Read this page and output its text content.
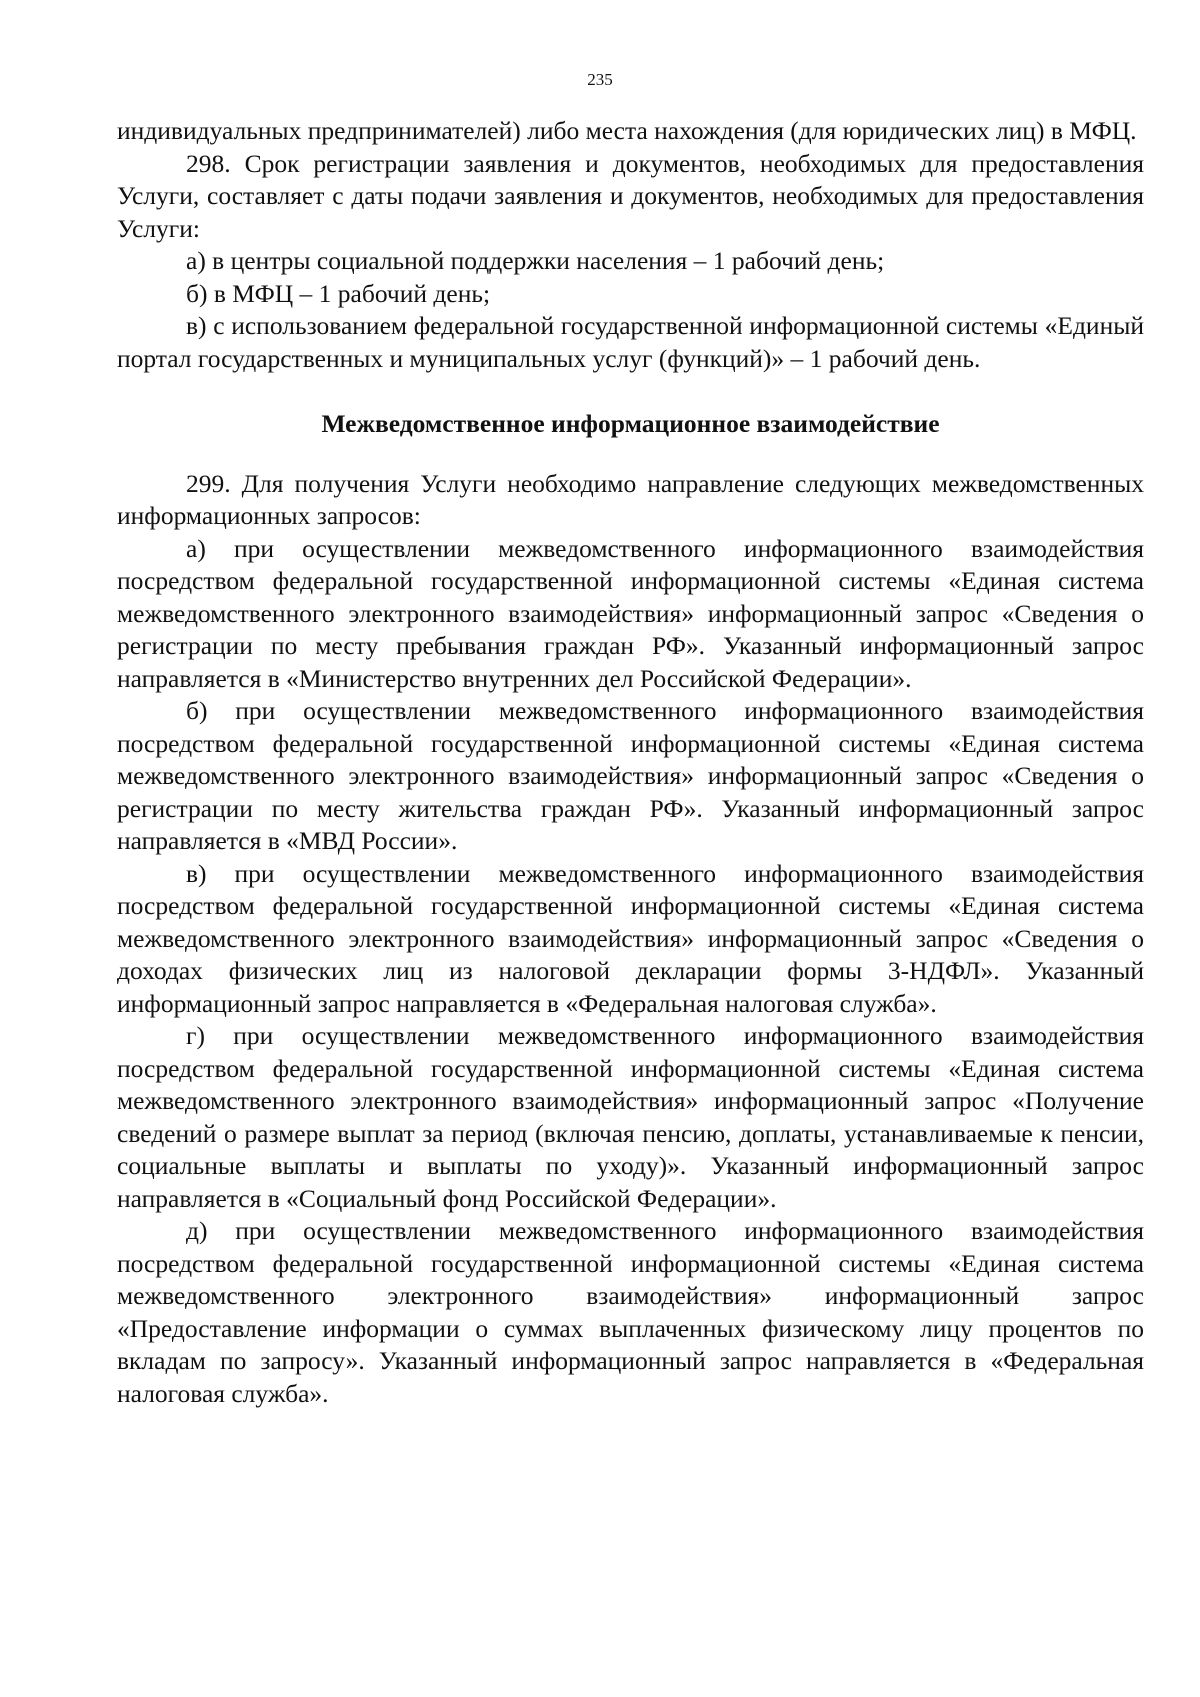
235

индивидуальных предпринимателей) либо места нахождения (для юридических лиц) в МФЦ.

298. Срок регистрации заявления и документов, необходимых для предоставления Услуги, составляет с даты подачи заявления и документов, необходимых для предоставления Услуги:

а) в центры социальной поддержки населения – 1 рабочий день;

б) в МФЦ – 1 рабочий день;

в) с использованием федеральной государственной информационной системы «Единый портал государственных и муниципальных услуг (функций)» – 1 рабочий день.

Межведомственное информационное взаимодействие

299. Для получения Услуги необходимо направление следующих межведомственных информационных запросов:

а) при осуществлении межведомственного информационного взаимодействия посредством федеральной государственной информационной системы «Единая система межведомственного электронного взаимодействия» информационный запрос «Сведения о регистрации по месту пребывания граждан РФ». Указанный информационный запрос направляется в «Министерство внутренних дел Российской Федерации».

б) при осуществлении межведомственного информационного взаимодействия посредством федеральной государственной информационной системы «Единая система межведомственного электронного взаимодействия» информационный запрос «Сведения о регистрации по месту жительства граждан РФ». Указанный информационный запрос направляется в «МВД России».

в) при осуществлении межведомственного информационного взаимодействия посредством федеральной государственной информационной системы «Единая система межведомственного электронного взаимодействия» информационный запрос «Сведения о доходах физических лиц из налоговой декларации формы 3-НДФЛ». Указанный информационный запрос направляется в «Федеральная налоговая служба».

г) при осуществлении межведомственного информационного взаимодействия посредством федеральной государственной информационной системы «Единая система межведомственного электронного взаимодействия» информационный запрос «Получение сведений о размере выплат за период (включая пенсию, доплаты, устанавливаемые к пенсии, социальные выплаты и выплаты по уходу)». Указанный информационный запрос направляется в «Социальный фонд Российской Федерации».

д) при осуществлении межведомственного информационного взаимодействия посредством федеральной государственной информационной системы «Единая система межведомственного электронного взаимодействия» информационный запрос «Предоставление информации о суммах выплаченных физическому лицу процентов по вкладам по запросу». Указанный информационный запрос направляется в «Федеральная налоговая служба».
